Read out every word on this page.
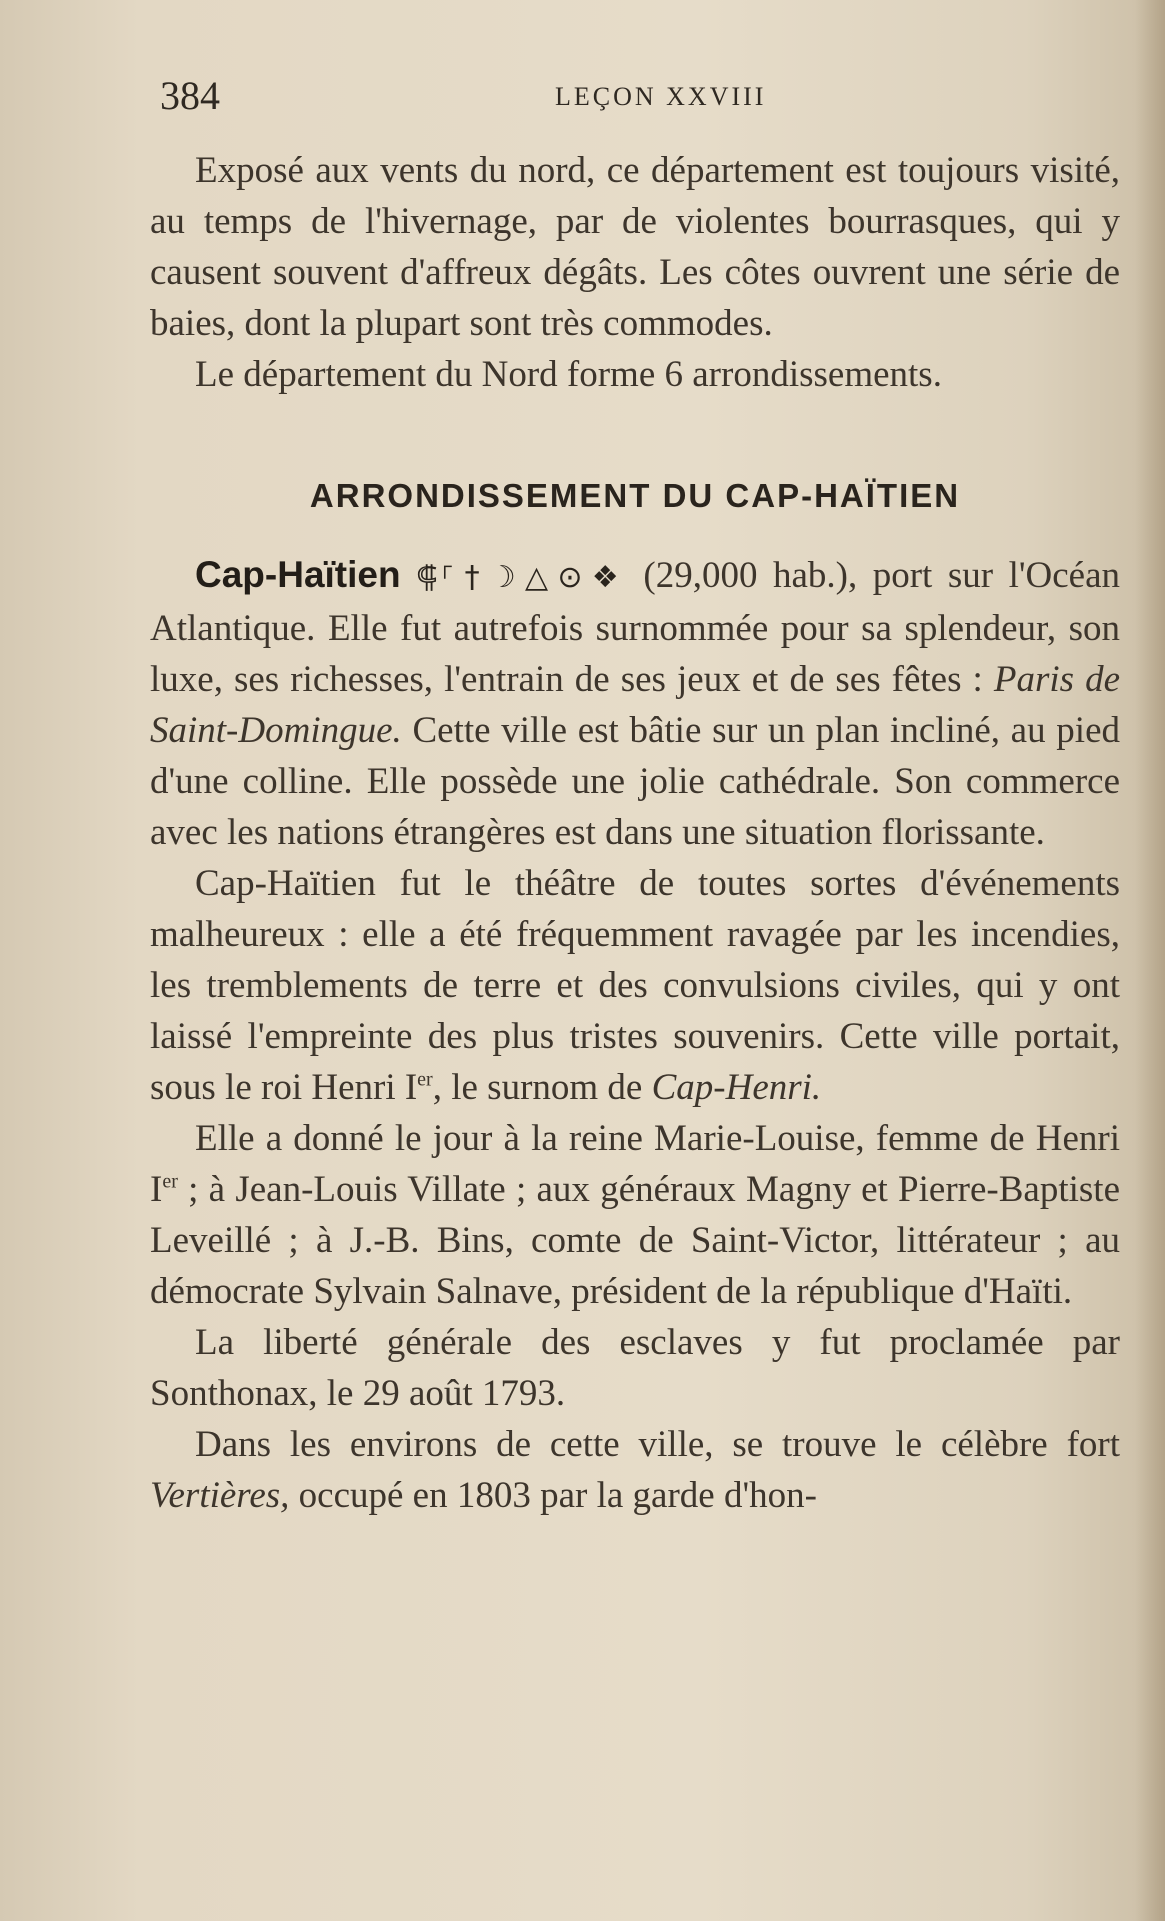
384	LEÇON XXVIII

Exposé aux vents du nord, ce département est toujours visité, au temps de l'hivernage, par de violentes bourrasques, qui y causent souvent d'affreux dégâts. Les côtes ouvrent une série de baies, dont la plupart sont très commodes.

Le département du Nord forme 6 arrondissements.

ARRONDISSEMENT DU CAP-HAÏTIEN

Cap-Haïtien ⸿⸀†☽△⊙❖ (29,000 hab.), port sur l'Océan Atlantique. Elle fut autrefois surnommée pour sa splendeur, son luxe, ses richesses, l'entrain de ses jeux et de ses fêtes : Paris de Saint-Domingue. Cette ville est bâtie sur un plan incliné, au pied d'une colline. Elle possède une jolie cathédrale. Son commerce avec les nations étrangères est dans une situation florissante.

Cap-Haïtien fut le théâtre de toutes sortes d'événements malheureux : elle a été fréquemment ravagée par les incendies, les tremblements de terre et des convulsions civiles, qui y ont laissé l'empreinte des plus tristes souvenirs. Cette ville portait, sous le roi Henri Ier, le surnom de Cap-Henri.

Elle a donné le jour à la reine Marie-Louise, femme de Henri Ier ; à Jean-Louis Villate ; aux généraux Magny et Pierre-Baptiste Leveillé ; à J.-B. Bins, comte de Saint-Victor, littérateur ; au démocrate Sylvain Salnave, président de la république d'Haïti.

La liberté générale des esclaves y fut proclamée par Sonthonax, le 29 août 1793.

Dans les environs de cette ville, se trouve le célèbre fort Vertières, occupé en 1803 par la garde d'hon-
